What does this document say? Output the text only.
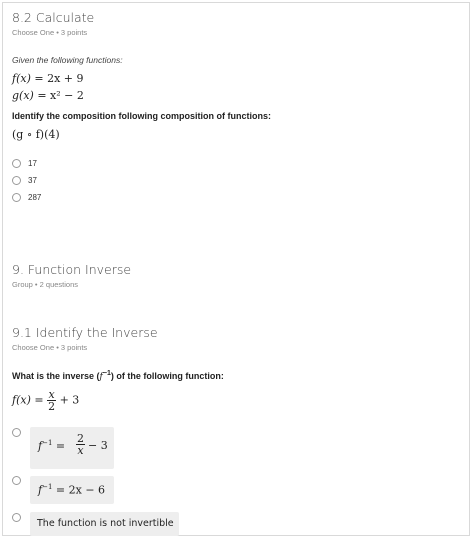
8.2 Calculate
Choose One • 3 points
Given the following functions:
f(x) = 2x + 9
g(x) = x² − 2
Identify the composition following composition of functions:
(g ∘ f)(4)
17
37
287
9. Function Inverse
Group • 2 questions
9.1 Identify the Inverse
Choose One • 3 points
What is the inverse $(f^{-1})$ of the following function:
$f(x) = \frac{x}{2} + 3$
$f^{-1} = \frac{2}{x} - 3$
$f^{-1} = 2x - 6$
The function is not invertible
